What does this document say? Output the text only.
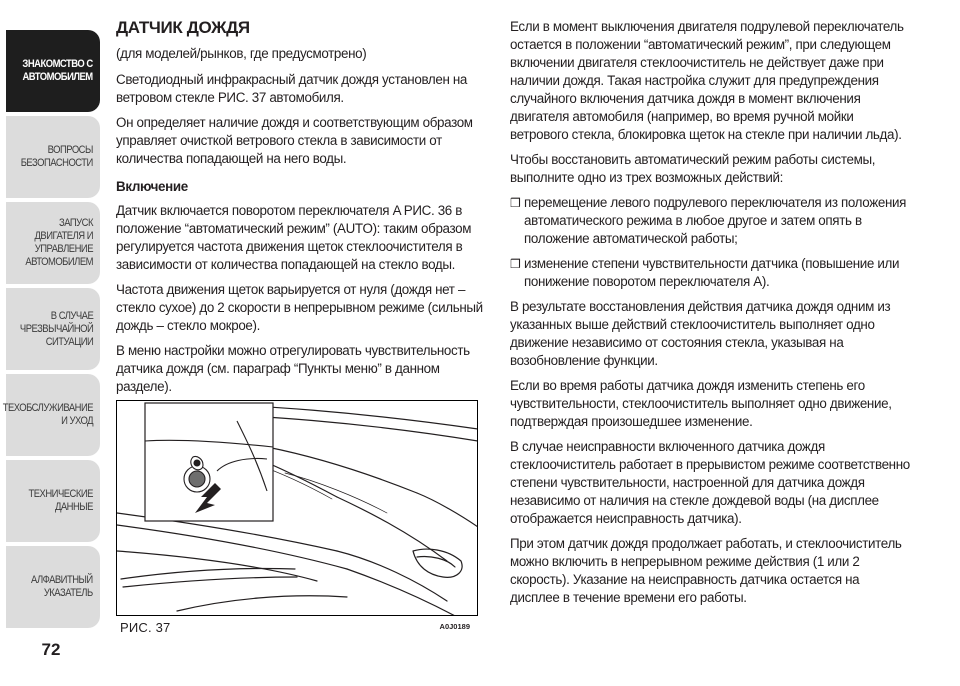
ЗНАКОМСТВО С
АВТОМОБИЛЕМ
ВОПРОСЫ
БЕЗОПАСНОСТИ
ЗАПУСК ДВИГАТЕЛЯ И
УПРАВЛЕНИЕ
АВТОМОБИЛЕМ
В СЛУЧАЕ
ЧРЕЗВЫЧАЙНОЙ
СИТУАЦИИ
ТЕХОБСЛУЖИВАНИЕ
И УХОД
ТЕХНИЧЕСКИЕ
ДАННЫЕ
АЛФАВИТНЫЙ
УКАЗАТЕЛЬ
72

ДАТЧИК ДОЖДЯ

(для моделей/рынков, где предусмотрено)

Светодиодный инфракрасный датчик дождя установлен на ветровом стекле РИС. 37 автомобиля.

Он определяет наличие дождя и соответствующим образом управляет очисткой ветрового стекла в зависимости от количества попадающей на него воды.

Включение

Датчик включается поворотом переключателя A РИС. 36 в положение “автоматический режим” (AUTO): таким образом регулируется частота движения щеток стеклоочистителя в зависимости от количества попадающей на стекло воды.

Частота движения щеток варьируется от нуля (дождя нет – стекло сухое) до 2 скорости в непрерывном режиме (сильный дождь – стекло мокрое).

В меню настройки можно отрегулировать чувствительность датчика дождя (см. параграф “Пункты меню” в данном разделе).

РИС. 37	A0J0189

Если в момент выключения двигателя подрулевой переключатель остается в положении “автоматический режим”, при следующем включении двигателя стеклоочиститель не действует даже при наличии дождя. Такая настройка служит для предупреждения случайного включения датчика дождя в момент включения двигателя автомобиля (например, во время ручной мойки ветрового стекла, блокировка щеток на стекле при наличии льда).

Чтобы восстановить автоматический режим работы системы, выполните одно из трех возможных действий:

❒ перемещение левого подрулевого переключателя из положения автоматического режима в любое другое и затем опять в положение автоматической работы;
❒ изменение степени чувствительности датчика (повышение или понижение поворотом переключателя A).

В результате восстановления действия датчика дождя одним из указанных выше действий стеклоочиститель выполняет одно движение независимо от состояния стекла, указывая на возобновление функции.

Если во время работы датчика дождя изменить степень его чувствительности, стеклоочиститель выполняет одно движение, подтверждая произошедшее изменение.

В случае неисправности включенного датчика дождя стеклоочиститель работает в прерывистом режиме соответственно степени чувствительности, настроенной для датчика дождя независимо от наличия на стекле дождевой воды (на дисплее отображается неисправность датчика).

При этом датчик дождя продолжает работать, и стеклоочиститель можно включить в непрерывном режиме действия (1 или 2 скорость). Указание на неисправность датчика остается на дисплее в течение времени его работы.
